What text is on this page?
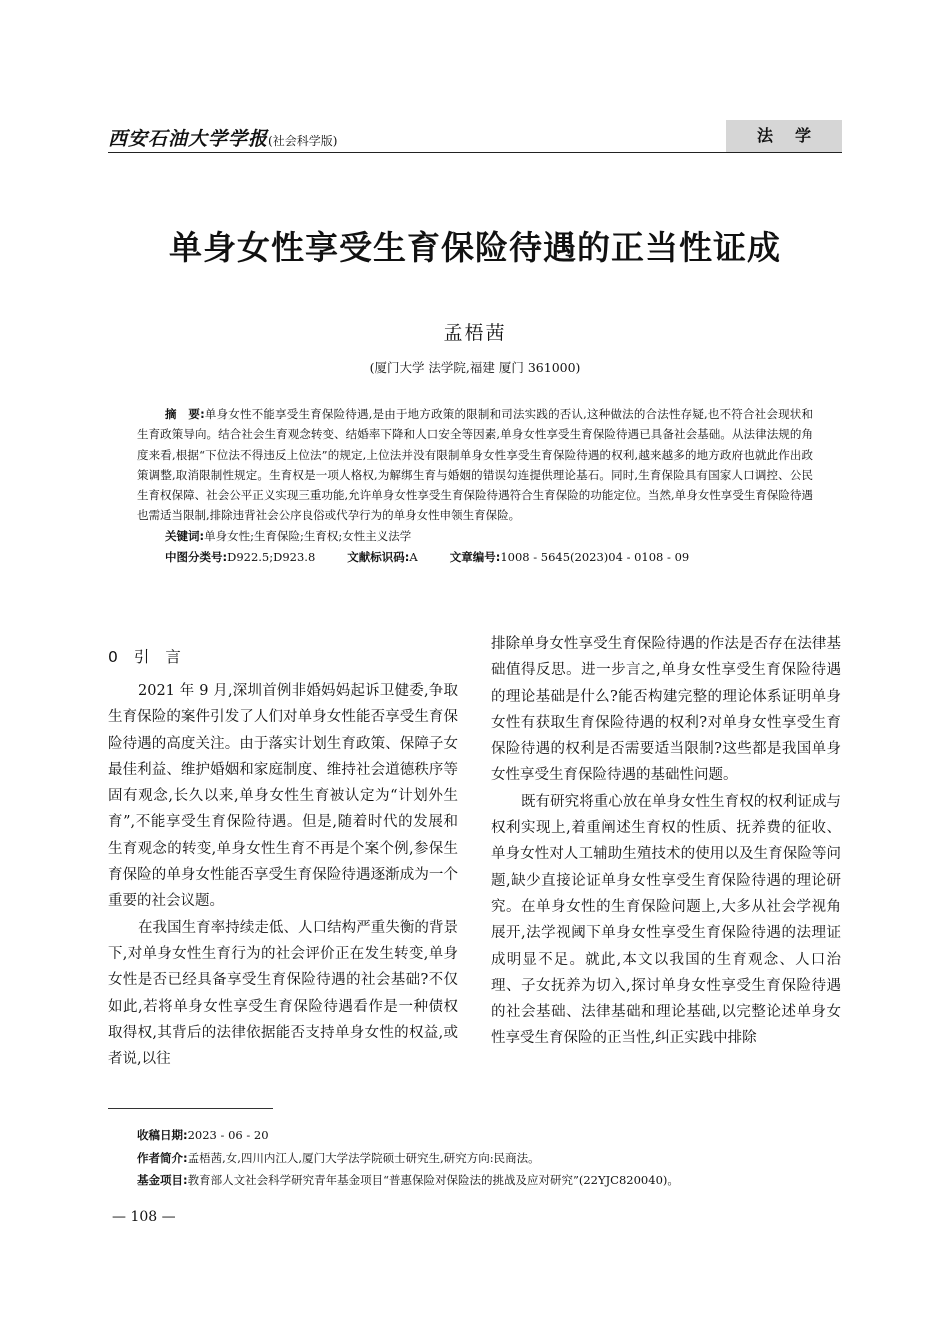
西安石油大学学报(社会科学版)	法学
单身女性享受生育保险待遇的正当性证成
孟梧茜
(厦门大学 法学院,福建 厦门 361000)

摘　要:单身女性不能享受生育保险待遇,是由于地方政策的限制和司法实践的否认,这种做法的合法性存疑,也不符合社会现状和生育政策导向。结合社会生育观念转变、结婚率下降和人口安全等因素,单身女性享受生育保险待遇已具备社会基础。从法律法规的角度来看,根据“下位法不得违反上位法”的规定,上位法并没有限制单身女性享受生育保险待遇的权利,越来越多的地方政府也就此作出政策调整,取消限制性规定。生育权是一项人格权,为解绑生育与婚姻的错误勾连提供理论基石。同时,生育保险具有国家人口调控、公民生育权保障、社会公平正义实现三重功能,允许单身女性享受生育保险待遇符合生育保险的功能定位。当然,单身女性享受生育保险待遇也需适当限制,排除违背社会公序良俗或代孕行为的单身女性申领生育保险。

关键词:单身女性;生育保险;生育权;女性主义法学

中图分类号:D922.5;D923.8	文献标识码:A	文章编号:1008 - 5645(2023)04 - 0108 - 09

0 引言

2021 年 9 月,深圳首例非婚妈妈起诉卫健委,争取生育保险的案件引发了人们对单身女性能否享受生育保险待遇的高度关注。由于落实计划生育政策、保障子女最佳利益、维护婚姻和家庭制度、维持社会道德秩序等固有观念,长久以来,单身女性生育被认定为“计划外生育”,不能享受生育保险待遇。但是,随着时代的发展和生育观念的转变,单身女性生育不再是个案个例,参保生育保险的单身女性能否享受生育保险待遇逐渐成为一个重要的社会议题。

在我国生育率持续走低、人口结构严重失衡的背景下,对单身女性生育行为的社会评价正在发生转变,单身女性是否已经具备享受生育保险待遇的社会基础?不仅如此,若将单身女性享受生育保险待遇看作是一种债权取得权,其背后的法律依据能否支持单身女性的权益,或者说,以往

排除单身女性享受生育保险待遇的作法是否存在法律基础值得反思。进一步言之,单身女性享受生育保险待遇的理论基础是什么?能否构建完整的理论体系证明单身女性有获取生育保险待遇的权利?对单身女性享受生育保险待遇的权利是否需要适当限制?这些都是我国单身女性享受生育保险待遇的基础性问题。

既有研究将重心放在单身女性生育权的权利证成与权利实现上,着重阐述生育权的性质、抚养费的征收、单身女性对人工辅助生殖技术的使用以及生育保险等问题,缺少直接论证单身女性享受生育保险待遇的理论研究。在单身女性的生育保险问题上,大多从社会学视角展开,法学视阈下单身女性享受生育保险待遇的法理证成明显不足。就此,本文以我国的生育观念、人口治理、子女抚养为切入,探讨单身女性享受生育保险待遇的社会基础、法律基础和理论基础,以完整论述单身女性享受生育保险的正当性,纠正实践中排除

收稿日期:2023 - 06 - 20

作者简介:孟梧茜,女,四川内江人,厦门大学法学院硕士研究生,研究方向:民商法。

基金项目:教育部人文社会科学研究青年基金项目“普惠保险对保险法的挑战及应对研究”(22YJC820040)。

— 108 —
